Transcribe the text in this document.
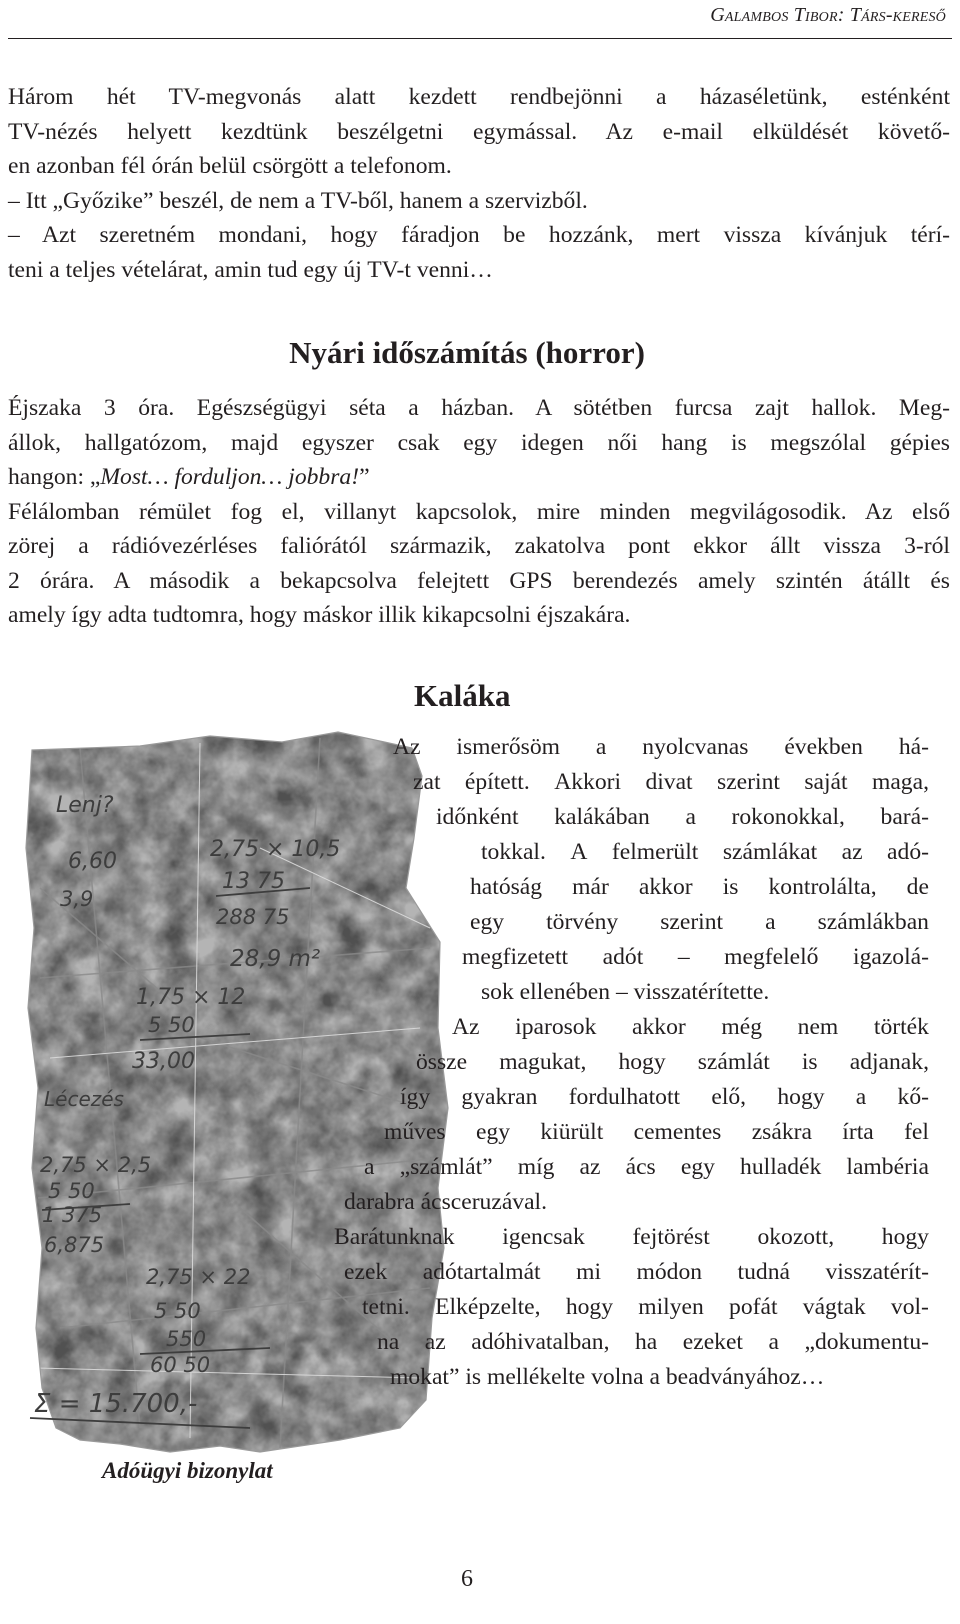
Galambos Tibor: Társ-kereső

Három hét TV-megvonás alatt kezdett rendbejönni a házaséletünk, esténként
TV-nézés helyett kezdtünk beszélgetni egymással. Az e-mail elküldését követő-
en azonban fél órán belül csörgött a telefonom.
– Itt „Győzike” beszél, de nem a TV-ből, hanem a szervizből.
– Azt szeretném mondani, hogy fáradjon be hozzánk, mert vissza kívánjuk térí-
teni a teljes vételárat, amin tud egy új TV-t venni…

Nyári időszámítás (horror)

Éjszaka 3 óra. Egészségügyi séta a házban. A sötétben furcsa zajt hallok. Meg-
állok, hallgatózom, majd egyszer csak egy idegen női hang is megszólal gépies
hangon: „Most… forduljon… jobbra!”
Félálomban rémület fog el, villanyt kapcsolok, mire minden megvilágosodik. Az első
zörej a rádióvezérléses faliórától származik, zakatolva pont ekkor állt vissza 3-ról
2 órára. A második a bekapcsolva felejtett GPS berendezés amely szintén átállt és
amely így adta tudtomra, hogy máskor illik kikapcsolni éjszakára.

Kaláka
Lenj?
6,60
3,9
2,75 × 10,5
13 75
288 75
28,9 m²
1,75 × 12
5 50
33,00
Lécezés
2,75 × 2,5
5 50
1 375
6,875
2,75 × 22
5 50
550
60 50
Σ = 15.700,-
Adóügyi bizonylat
Az ismerősöm a nyolcvanas években há-
zat épített. Akkori divat szerint saját maga,
időnként kalákában a rokonokkal, bará-
tokkal. A felmerült számlákat az adó-
hatóság már akkor is kontrolálta, de
egy törvény szerint a számlákban
megfizetett adót – megfelelő igazolá-
sok ellenében – visszatérítette.
Az iparosok akkor még nem törték
össze magukat, hogy számlát is adjanak,
így gyakran fordulhatott elő, hogy a kő-
műves egy kiürült cementes zsákra írta fel
a „számlát” míg az ács egy hulladék lambéria
darabra ácsceruzával.
Barátunknak igencsak fejtörést okozott, hogy
ezek adótartalmát mi módon tudná visszatérít-
tetni. Elképzelte, hogy milyen pofát vágtak vol-
na az adóhivatalban, ha ezeket a „dokumentu-
mokat” is mellékelte volna a beadványához…
6
